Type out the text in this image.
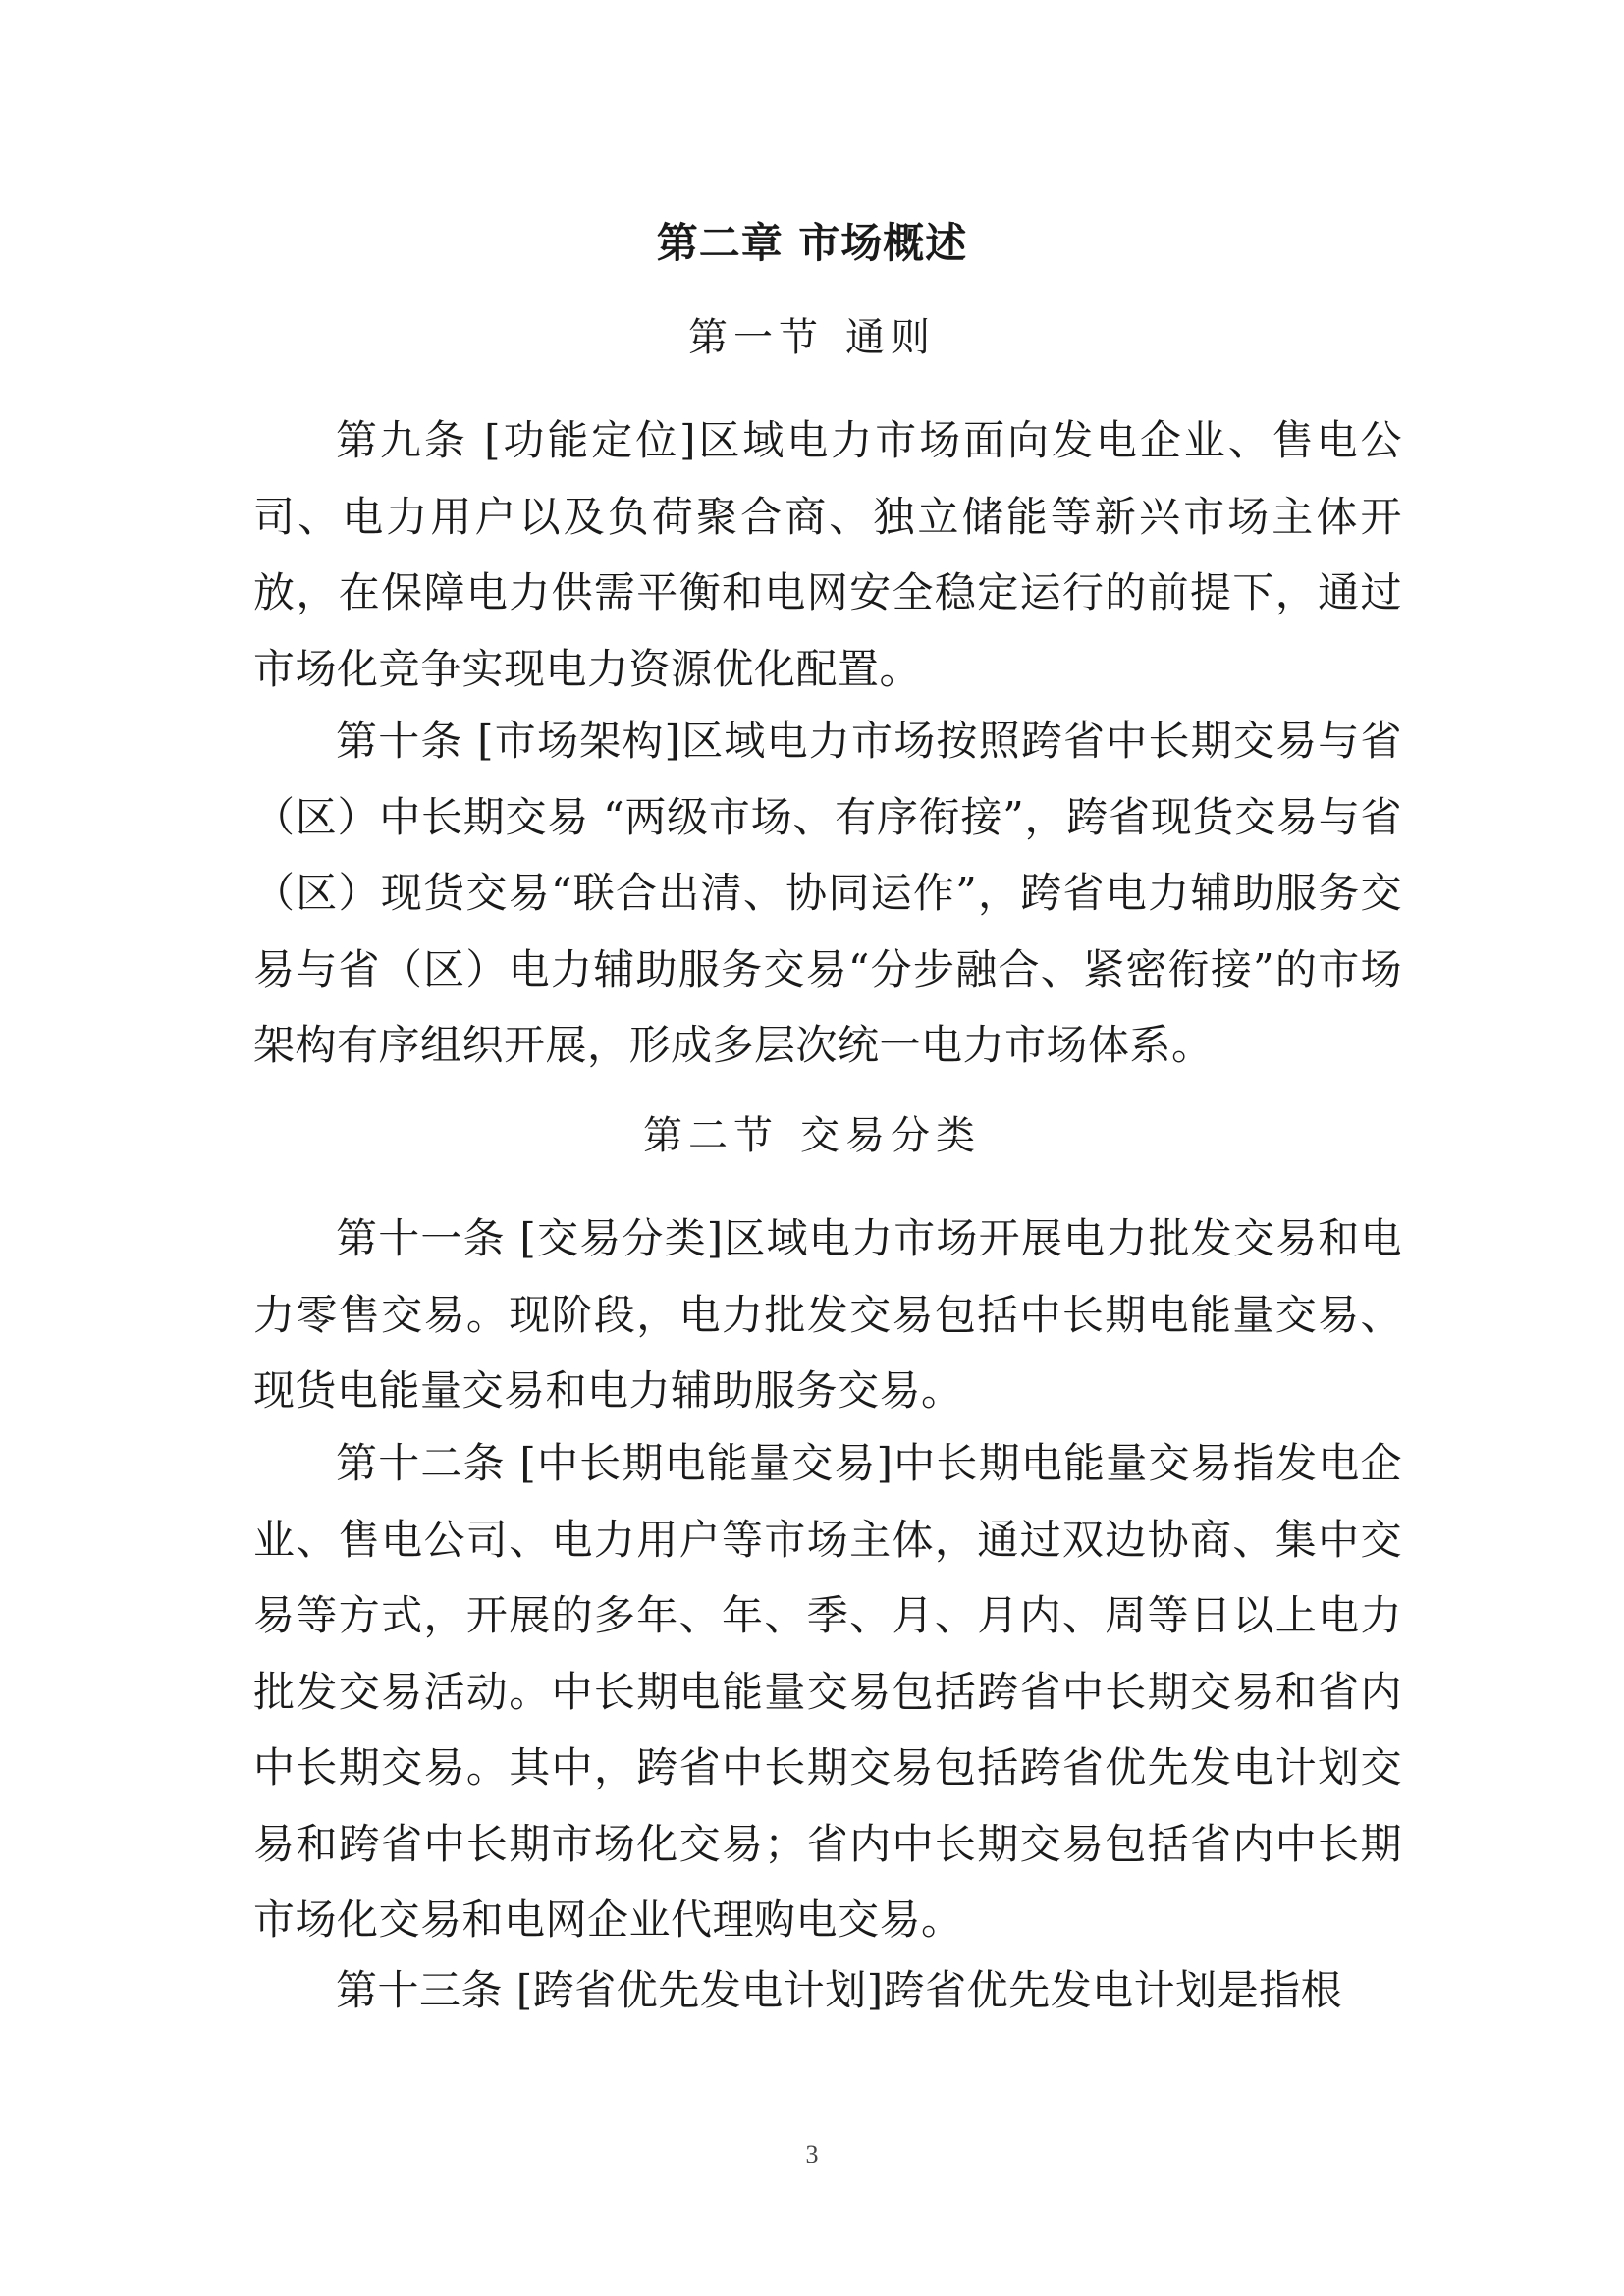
第二章 市场概述
第一节 通则

第九条 [功能定位]区域电力市场面向发电企业、售电公司、电力用户以及负荷聚合商、独立储能等新兴市场主体开放，在保障电力供需平衡和电网安全稳定运行的前提下，通过市场化竞争实现电力资源优化配置。

第十条 [市场架构]区域电力市场按照跨省中长期交易与省（区）中长期交易 “两级市场、有序衔接”，跨省现货交易与省（区）现货交易“联合出清、协同运作”，跨省电力辅助服务交易与省（区）电力辅助服务交易“分步融合、紧密衔接”的市场架构有序组织开展，形成多层次统一电力市场体系。

第二节 交易分类

第十一条 [交易分类]区域电力市场开展电力批发交易和电力零售交易。现阶段，电力批发交易包括中长期电能量交易、现货电能量交易和电力辅助服务交易。

第十二条 [中长期电能量交易]中长期电能量交易指发电企业、售电公司、电力用户等市场主体，通过双边协商、集中交易等方式，开展的多年、年、季、月、月内、周等日以上电力批发交易活动。中长期电能量交易包括跨省中长期交易和省内中长期交易。其中，跨省中长期交易包括跨省优先发电计划交易和跨省中长期市场化交易；省内中长期交易包括省内中长期市场化交易和电网企业代理购电交易。

第十三条 [跨省优先发电计划]跨省优先发电计划是指根

3
